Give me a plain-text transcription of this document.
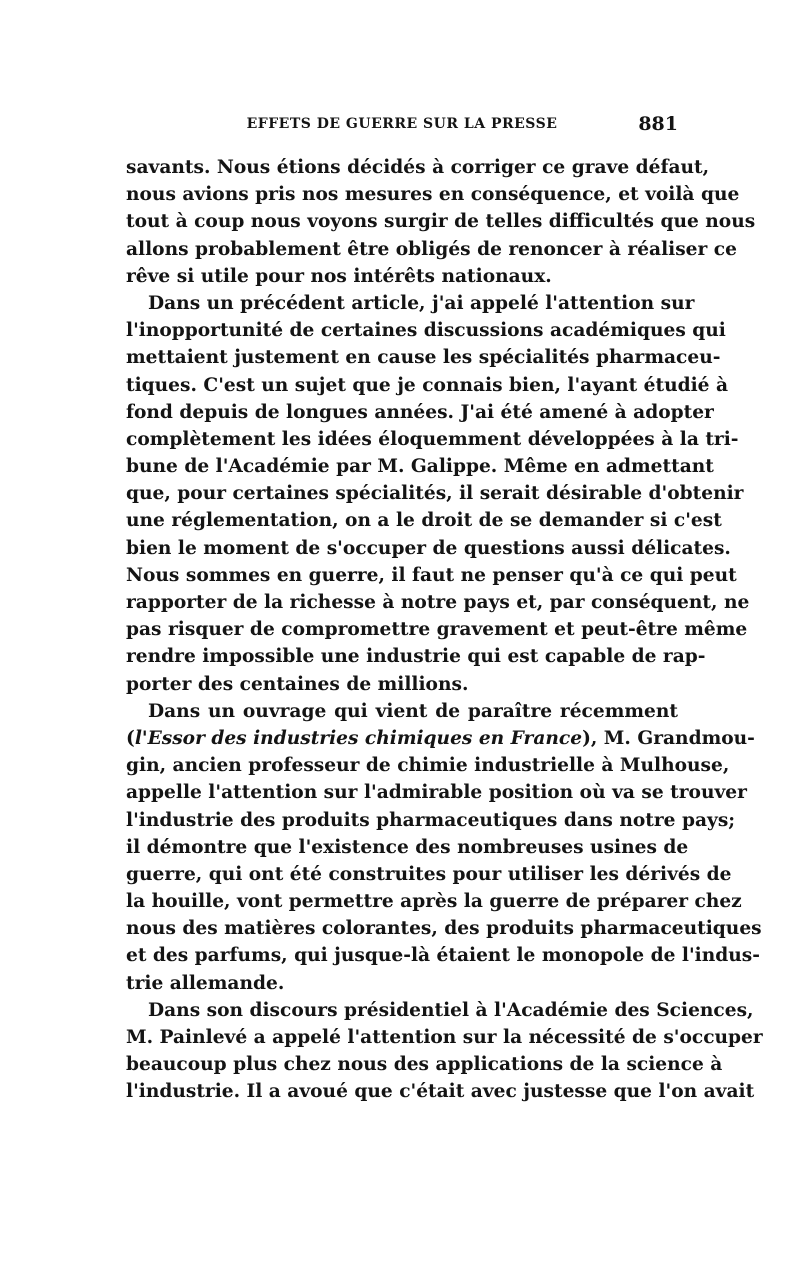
EFFETS DE GUERRE SUR LA PRESSE	881
savants. Nous étions décidés à corriger ce grave défaut,
nous avions pris nos mesures en conséquence, et voilà que
tout à coup nous voyons surgir de telles difficultés que nous
allons probablement être obligés de renoncer à réaliser ce
rêve si utile pour nos intérêts nationaux.
Dans un précédent article, j'ai appelé l'attention sur
l'inopportunité de certaines discussions académiques qui
mettaient justement en cause les spécialités pharmaceu-
tiques. C'est un sujet que je connais bien, l'ayant étudié à
fond depuis de longues années. J'ai été amené à adopter
complètement les idées éloquemment développées à la tri-
bune de l'Académie par M. Galippe. Même en admettant
que, pour certaines spécialités, il serait désirable d'obtenir
une réglementation, on a le droit de se demander si c'est
bien le moment de s'occuper de questions aussi délicates.
Nous sommes en guerre, il faut ne penser qu'à ce qui peut
rapporter de la richesse à notre pays et, par conséquent, ne
pas risquer de compromettre gravement et peut-être même
rendre impossible une industrie qui est capable de rap-
porter des centaines de millions.
Dans un ouvrage qui vient de paraître récemment
(l'Essor des industries chimiques en France), M. Grandmou-
gin, ancien professeur de chimie industrielle à Mulhouse,
appelle l'attention sur l'admirable position où va se trouver
l'industrie des produits pharmaceutiques dans notre pays;
il démontre que l'existence des nombreuses usines de
guerre, qui ont été construites pour utiliser les dérivés de
la houille, vont permettre après la guerre de préparer chez
nous des matières colorantes, des produits pharmaceutiques
et des parfums, qui jusque-là étaient le monopole de l'indus-
trie allemande.
Dans son discours présidentiel à l'Académie des Sciences,
M. Painlevé a appelé l'attention sur la nécessité de s'occuper
beaucoup plus chez nous des applications de la science à
l'industrie. Il a avoué que c'était avec justesse que l'on avait
